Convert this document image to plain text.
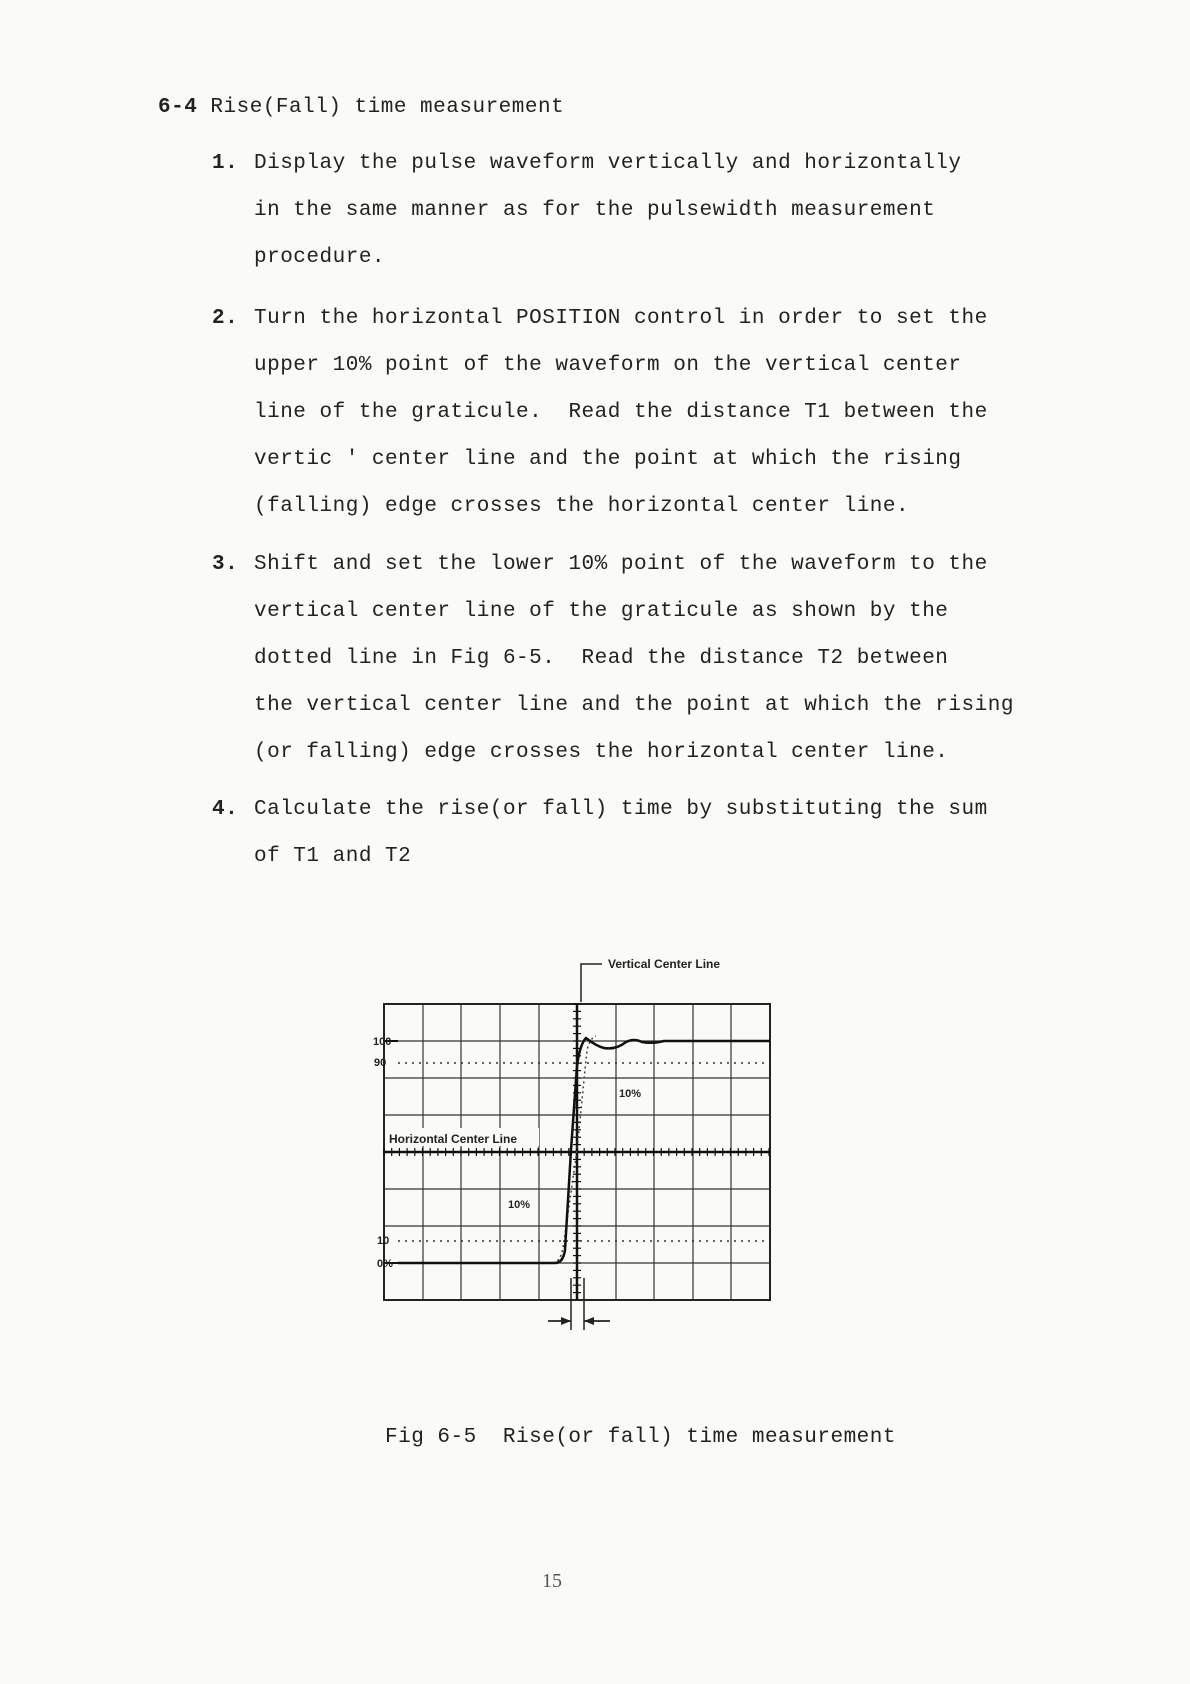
6-4 Rise(Fall) time measurement
1. Display the pulse waveform vertically and horizontally
in the same manner as for the pulsewidth measurement
procedure.
2. Turn the horizontal POSITION control in order to set the
upper 10% point of the waveform on the vertical center
line of the graticule.  Read the distance T1 between the
vertic ' center line and the point at which the rising
(falling) edge crosses the horizontal center line.
3. Shift and set the lower 10% point of the waveform to the
vertical center line of the graticule as shown by the
dotted line in Fig 6-5.  Read the distance T2 between
the vertical center line and the point at which the rising
(or falling) edge crosses the horizontal center line.
4. Calculate the rise(or fall) time by substituting the sum
of T1 and T2
Vertical Center Line
100
90
10
0%
Horizontal Center Line
10%
10%
Fig 6-5  Rise(or fall) time measurement
15
